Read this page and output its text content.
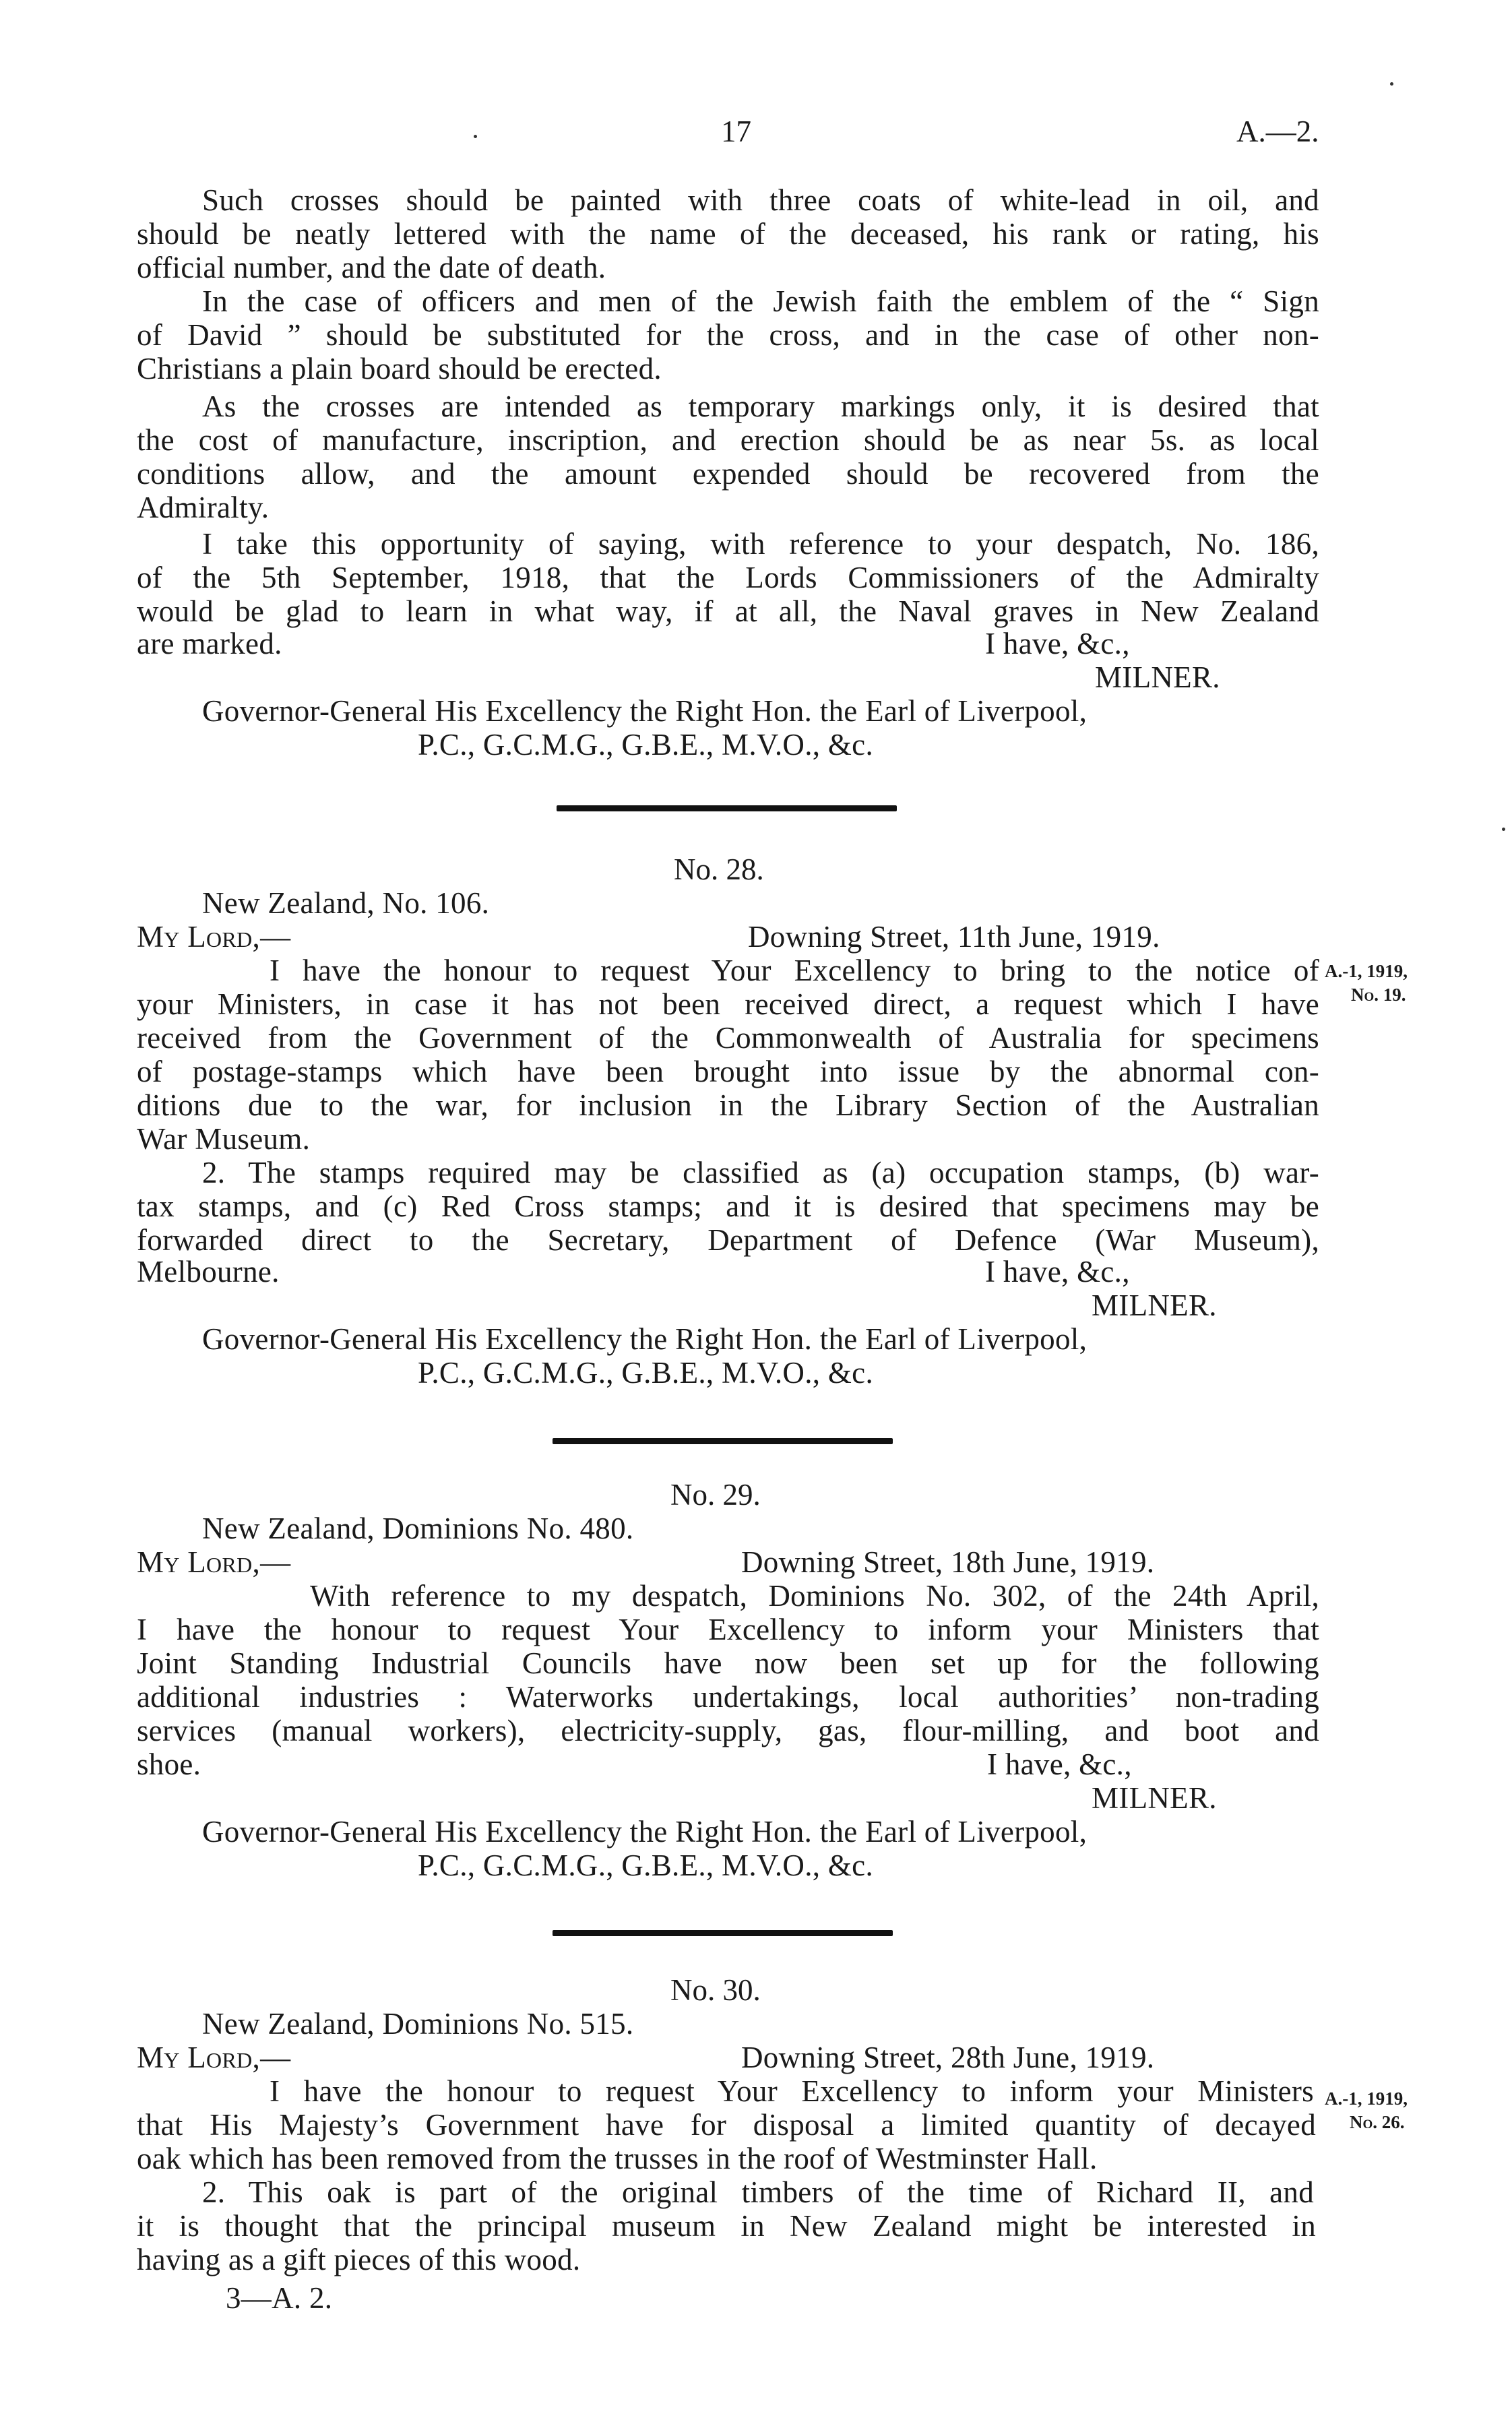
17	A.—2.
Such crosses should be painted with three coats of white-lead in oil, and
should be neatly lettered with the name of the deceased, his rank or rating, his
official number, and the date of death.
In the case of officers and men of the Jewish faith the emblem of the “ Sign
of David ” should be substituted for the cross, and in the case of other non-
Christians a plain board should be erected.
As the crosses are intended as temporary markings only, it is desired that
the cost of manufacture, inscription, and erection should be as near 5s. as local
conditions allow, and the amount expended should be recovered from the
Admiralty.
I take this opportunity of saying, with reference to your despatch, No. 186,
of the 5th September, 1918, that the Lords Commissioners of the Admiralty
would be glad to learn in what way, if at all, the Naval graves in New Zealand
are marked.	I have, &c.,
MILNER.
Governor-General His Excellency the Right Hon. the Earl of Liverpool,
P.C., G.C.M.G., G.B.E., M.V.O., &c.
No. 28.
New Zealand, No. 106.
My Lord,—	Downing Street, 11th June, 1919.
I have the honour to request Your Excellency to bring to the notice of
your Ministers, in case it has not been received direct, a request which I have
received from the Government of the Commonwealth of Australia for specimens
of postage-stamps which have been brought into issue by the abnormal con-
ditions due to the war, for inclusion in the Library Section of the Australian
War Museum.
2. The stamps required may be classified as (a) occupation stamps, (b) war-
tax stamps, and (c) Red Cross stamps; and it is desired that specimens may be
forwarded direct to the Secretary, Department of Defence (War Museum),
Melbourne.	I have, &c.,
MILNER.
Governor-General His Excellency the Right Hon. the Earl of Liverpool,
P.C., G.C.M.G., G.B.E., M.V.O., &c.
A.-1, 1919,
No. 19.
No. 29.
New Zealand, Dominions No. 480.
My Lord,—	Downing Street, 18th June, 1919.
With reference to my despatch, Dominions No. 302, of the 24th April,
I have the honour to request Your Excellency to inform your Ministers that
Joint Standing Industrial Councils have now been set up for the following
additional industries : Waterworks undertakings, local authorities’ non-trading
services (manual workers), electricity-supply, gas, flour-milling, and boot and
shoe.	I have, &c.,
MILNER.
Governor-General His Excellency the Right Hon. the Earl of Liverpool,
P.C., G.C.M.G., G.B.E., M.V.O., &c.
No. 30.
New Zealand, Dominions No. 515.
My Lord,—	Downing Street, 28th June, 1919.
I have the honour to request Your Excellency to inform your Ministers
that His Majesty’s Government have for disposal a limited quantity of decayed
oak which has been removed from the trusses in the roof of Westminster Hall.
2. This oak is part of the original timbers of the time of Richard II, and
it is thought that the principal museum in New Zealand might be interested in
having as a gift pieces of this wood.
A.-1, 1919,
No. 26.
3—A. 2.
